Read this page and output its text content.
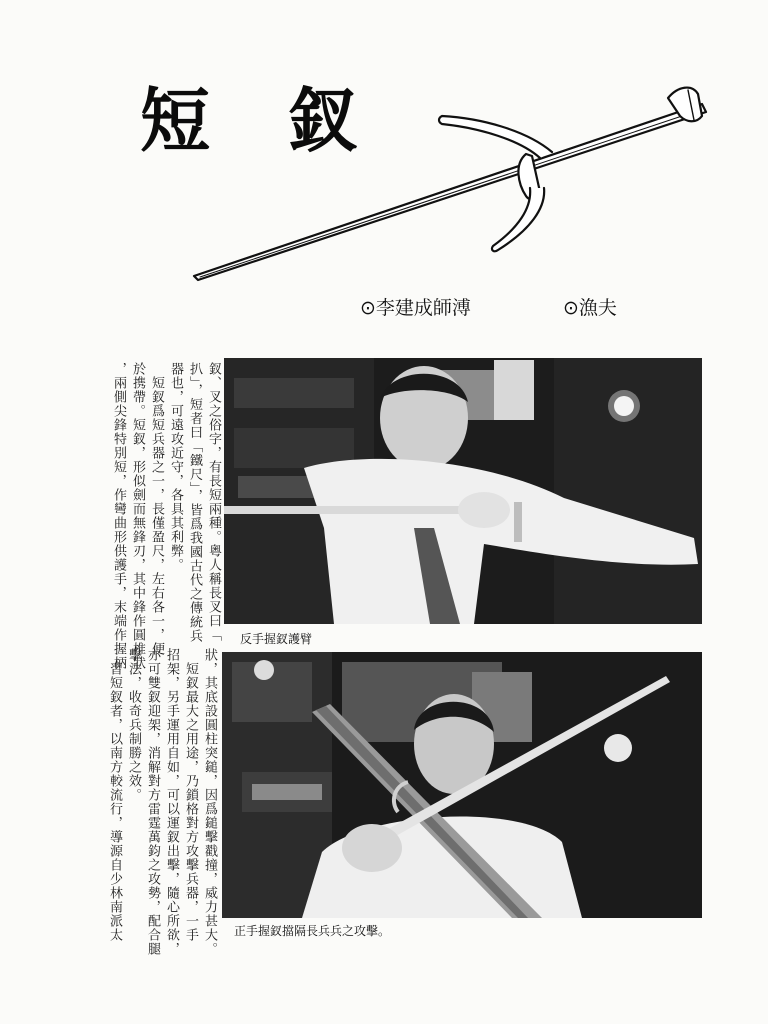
短 釵
⊙李建成師溥	⊙漁夫
釵、叉之俗字，有長短兩種。粵人稱長叉曰「
扒」，短者曰「鐵尺」，皆爲我國古代之傳統兵
器也，可遠攻近守，各具其利弊。
　短釵爲短兵器之一，長僅盈尺，左右各一，便
於携帶。短釵，形似劍而無鋒刃，其中鋒作圓椎狀
，兩側尖鋒特別短，作彎曲形供護手，末端作握柄
狀，其底設圓柱突鎚，因爲鎚擊戳撞，威力甚大。
　短釵最大之用途，乃鎖格對方攻擊兵器，一手
招架，另手運用自如，可以運釵出擊，隨心所欲，
亦可雙釵迎架，消解對方雷霆萬鈞之攻勢，配合腿
擊法，收奇兵制勝之效。
　習短釵者，以南方較流行，導源自少林南派太
反手握釵護臂
正手握釵擋隔長兵兵之攻擊。
